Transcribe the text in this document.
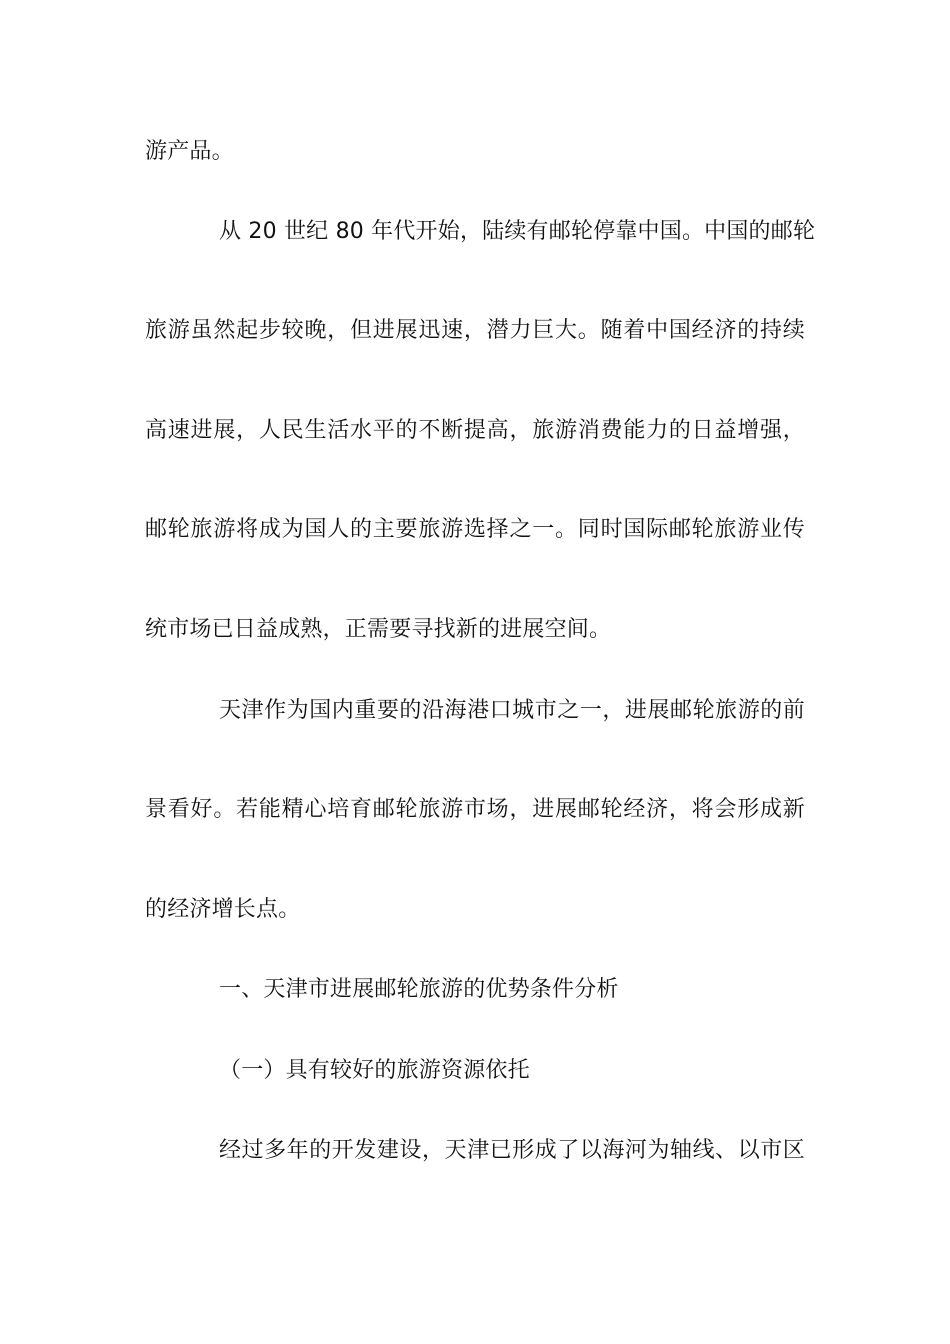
游产品。
从 20 世纪 80 年代开始，陆续有邮轮停靠中国。中国的邮轮
旅游虽然起步较晚，但进展迅速，潜力巨大。随着中国经济的持续
高速进展，人民生活水平的不断提高，旅游消费能力的日益增强，
邮轮旅游将成为国人的主要旅游选择之一。同时国际邮轮旅游业传
统市场已日益成熟，正需要寻找新的进展空间。
天津作为国内重要的沿海港口城市之一，进展邮轮旅游的前
景看好。若能精心培育邮轮旅游市场，进展邮轮经济，将会形成新
的经济增长点。
一、天津市进展邮轮旅游的优势条件分析
（一）具有较好的旅游资源依托
经过多年的开发建设，天津已形成了以海河为轴线、以市区
